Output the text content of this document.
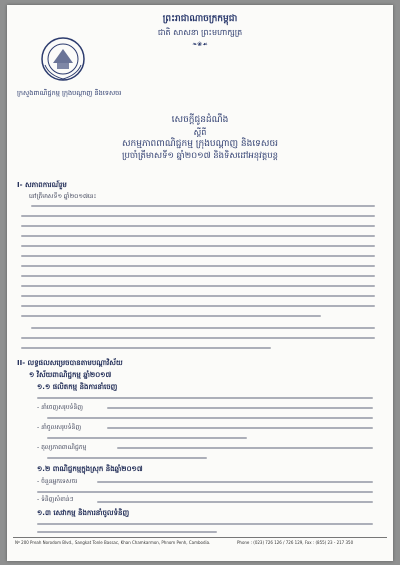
ព្រះរាជាណាចក្រកម្ពុជា
ជាតិ សាសនា ព្រះមហាក្សត្រ
❧❀☙
ក្រសួងពាណិជ្ជកម្ម ក្រុងបណ្ដាញ និងទេសចរ
សេចក្ដីជូនដំណឹង
ស្ដីពី
សកម្មភាពពាណិជ្ជកម្ម ក្រុងបណ្ដាញ និងទេសចរ
ប្រចាំត្រីមាសទី១ ឆ្នាំ២០១៧ និងទិសដៅអនុវត្តបន្ត
I- សភាពការណ៍រួម
នៅត្រីមាសទី១ ឆ្នាំ២០១៧នេះ
II- លទ្ធផលសម្រេចបានតាមបណ្ដាវិស័យ
១ វិស័យពាណិជ្ជកម្ម ឆ្នាំ២០១៧
១.១ ផលិតកម្ម និងការនាំចេញ
- នាំចេញសរុបទំនិញ
- នាំចូលសរុបទំនិញ
- តុល្យភាពពាណិជ្ជកម្ម
១.២ ពាណិជ្ជកម្មក្នុងស្រុក និងឆ្នាំ២០១៧
- ចំនួនអ្នកទេសចរ
- ទំនិញសំខាន់ៗ
១.៣ សេវាកម្ម និងការនាំចូលទំនិញ
Nº 200 Preah Norodom Blvd., Sangkat Tonle Bassac, Khan Chamkarmon, Phnom Penh, Cambodia.	Phone : (023) 726 126 / 726 129, Fax : (855) 23 - 217 350
